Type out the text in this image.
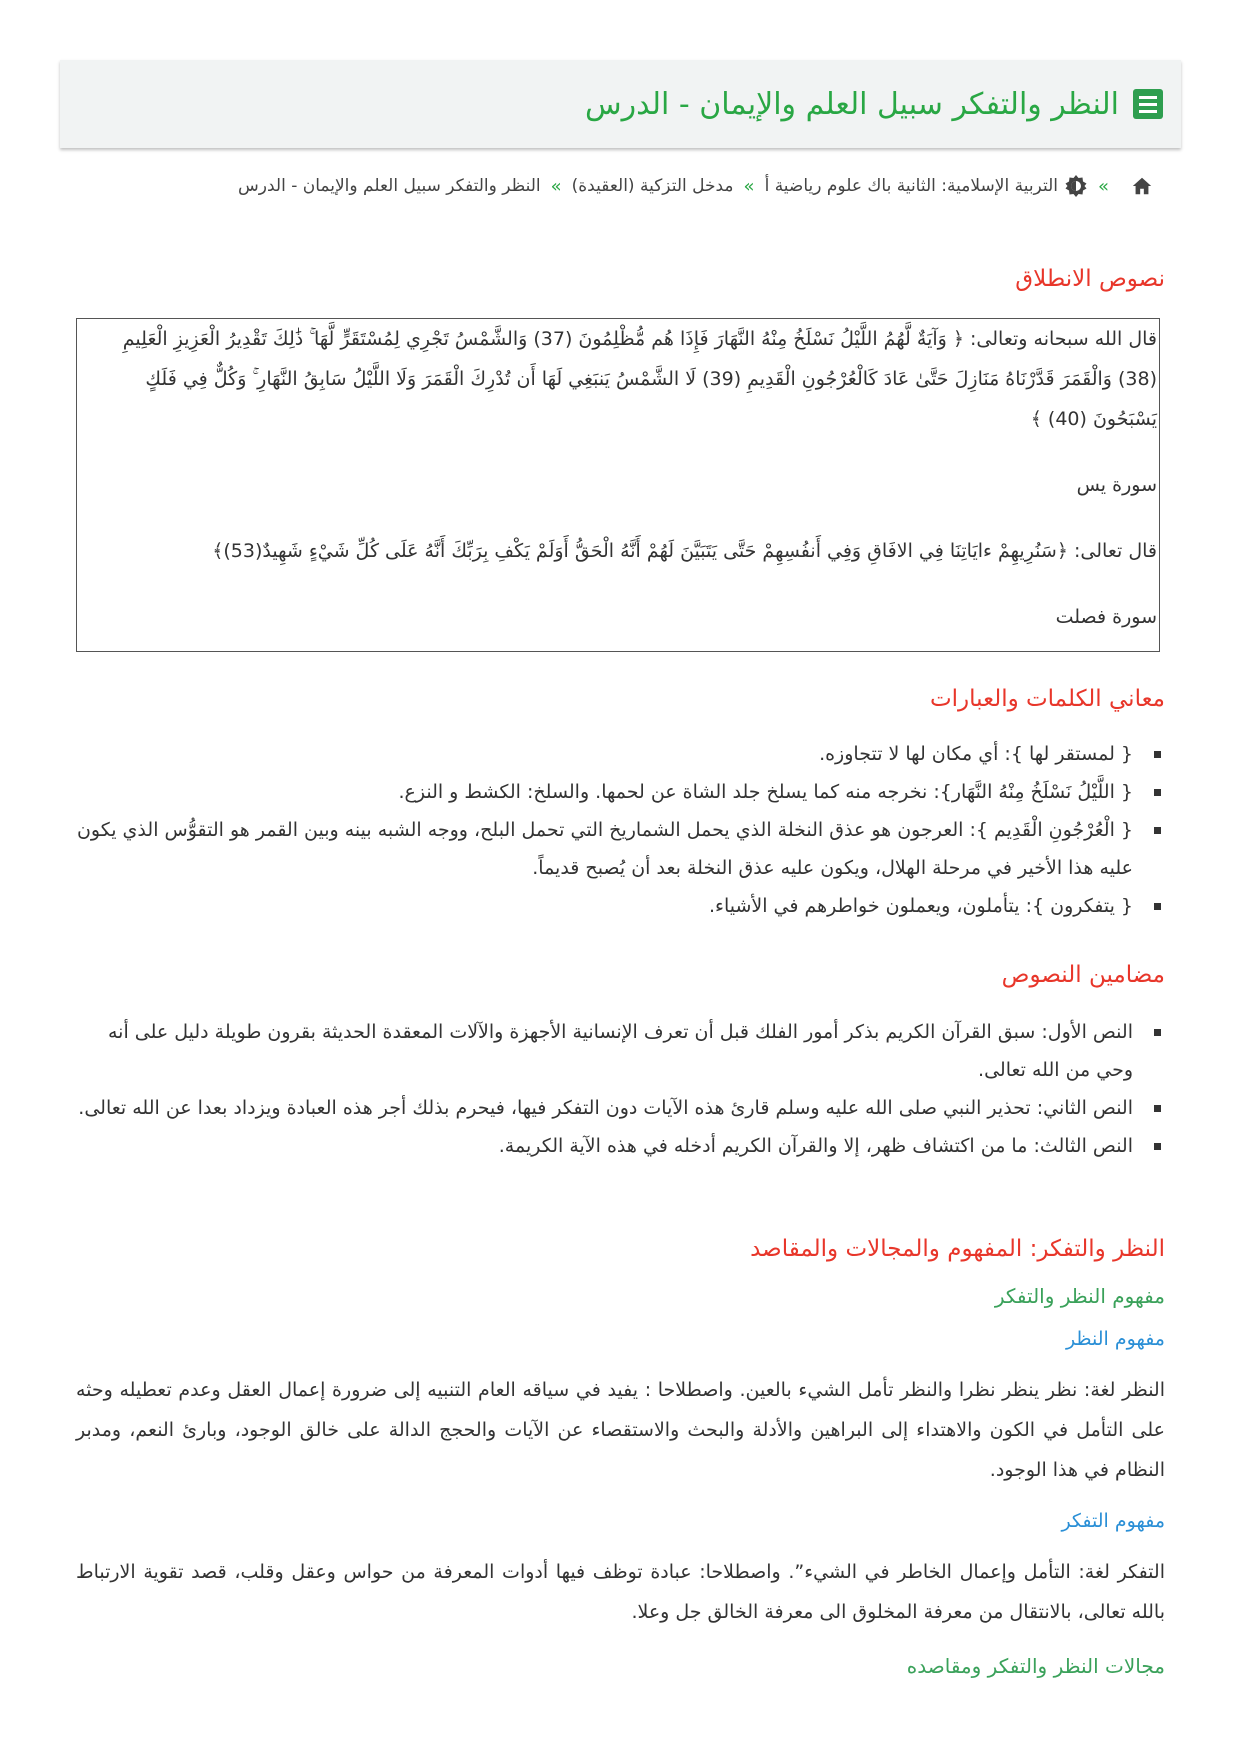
النظر والتفكر سبيل العلم والإيمان - الدرس
»
التربية الإسلامية: الثانية باك علوم رياضية أ
»
مدخل التزكية (العقيدة)
»
النظر والتفكر سبيل العلم والإيمان - الدرس
نصوص الانطلاق

قال الله سبحانه وتعالى: ﴿ وَآيَةٌ لَّهُمُ اللَّيْلُ نَسْلَخُ مِنْهُ النَّهَارَ فَإِذَا هُم مُّظْلِمُونَ (37) وَالشَّمْسُ تَجْرِي لِمُسْتَقَرٍّ لَّهَا ۚ ذَٰلِكَ تَقْدِيرُ الْعَزِيزِ الْعَلِيمِ (38) وَالْقَمَرَ قَدَّرْنَاهُ مَنَازِلَ حَتَّىٰ عَادَ كَالْعُرْجُونِ الْقَدِيمِ (39) لَا الشَّمْسُ يَنبَغِي لَهَا أَن تُدْرِكَ الْقَمَرَ وَلَا اللَّيْلُ سَابِقُ النَّهَارِ ۚ وَكُلٌّ فِي فَلَكٍ يَسْبَحُونَ (40) ﴾

سورة يس

قال تعالى: ﴿سَنُرِيهِمْ ءايَاتِنَا فِي الافَاقِ وَفِي أَنفُسِهِمْ حَتَّى يَتَبَيَّنَ لَهُمْ أَنَّهُ الْحَقُّ أَوَلَمْ يَكْفِ بِرَبِّكَ أَنَّهُ عَلَى كُلِّ شَيْءٍ شَهِيدٌ(53)﴾

سورة فصلت

معاني الكلمات والعبارات
{ لمستقر لها }: أي مكان لها لا تتجاوزه.
{ اللَّيْلُ نَسْلَخُ مِنْهُ النَّهَار}: نخرجه منه كما يسلخ جلد الشاة عن لحمها. والسلخ: الكشط و النزع.
{ الْعُرْجُونِ الْقَدِيم }: العرجون هو عذق النخلة الذي يحمل الشماريخ التي تحمل البلح، ووجه الشبه بينه وبين القمر هو التقوُّس الذي يكون عليه هذا الأخير في مرحلة الهلال، ويكون عليه عذق النخلة بعد أن يُصبح قديماً.
{ يتفكرون }: يتأملون، ويعملون خواطرهم في الأشياء.
مضامين النصوص
النص الأول: سبق القرآن الكريم بذكر أمور الفلك قبل أن تعرف الإنسانية الأجهزة والآلات المعقدة الحديثة بقرون طويلة دليل على أنه وحي من الله تعالى.
النص الثاني: تحذير النبي صلى الله عليه وسلم قارئ هذه الآيات دون التفكر فيها، فيحرم بذلك أجر هذه العبادة ويزداد بعدا عن الله تعالى.
النص الثالث: ما من اكتشاف ظهر، إلا والقرآن الكريم أدخله في هذه الآية الكريمة.
النظر والتفكر: المفهوم والمجالات والمقاصد
مفهوم النظر والتفكر
مفهوم النظر

النظر لغة: نظر ينظر نظرا والنظر تأمل الشيء بالعين. واصطلاحا : يفيد في سياقه العام التنبيه إلى ضرورة إعمال العقل وعدم تعطيله وحثه على التأمل في الكون والاهتداء إلى البراهين والأدلة والبحث والاستقصاء عن الآيات والحجج الدالة على خالق الوجود، وبارئ النعم، ومدبر النظام في هذا الوجود.

مفهوم التفكر

التفكر لغة: التأمل وإعمال الخاطر في الشيء”. واصطلاحا: عبادة توظف فيها أدوات المعرفة من حواس وعقل وقلب، قصد تقوية الارتباط بالله تعالى، بالانتقال من معرفة المخلوق الى معرفة الخالق جل وعلا.

مجالات النظر والتفكر ومقاصده
